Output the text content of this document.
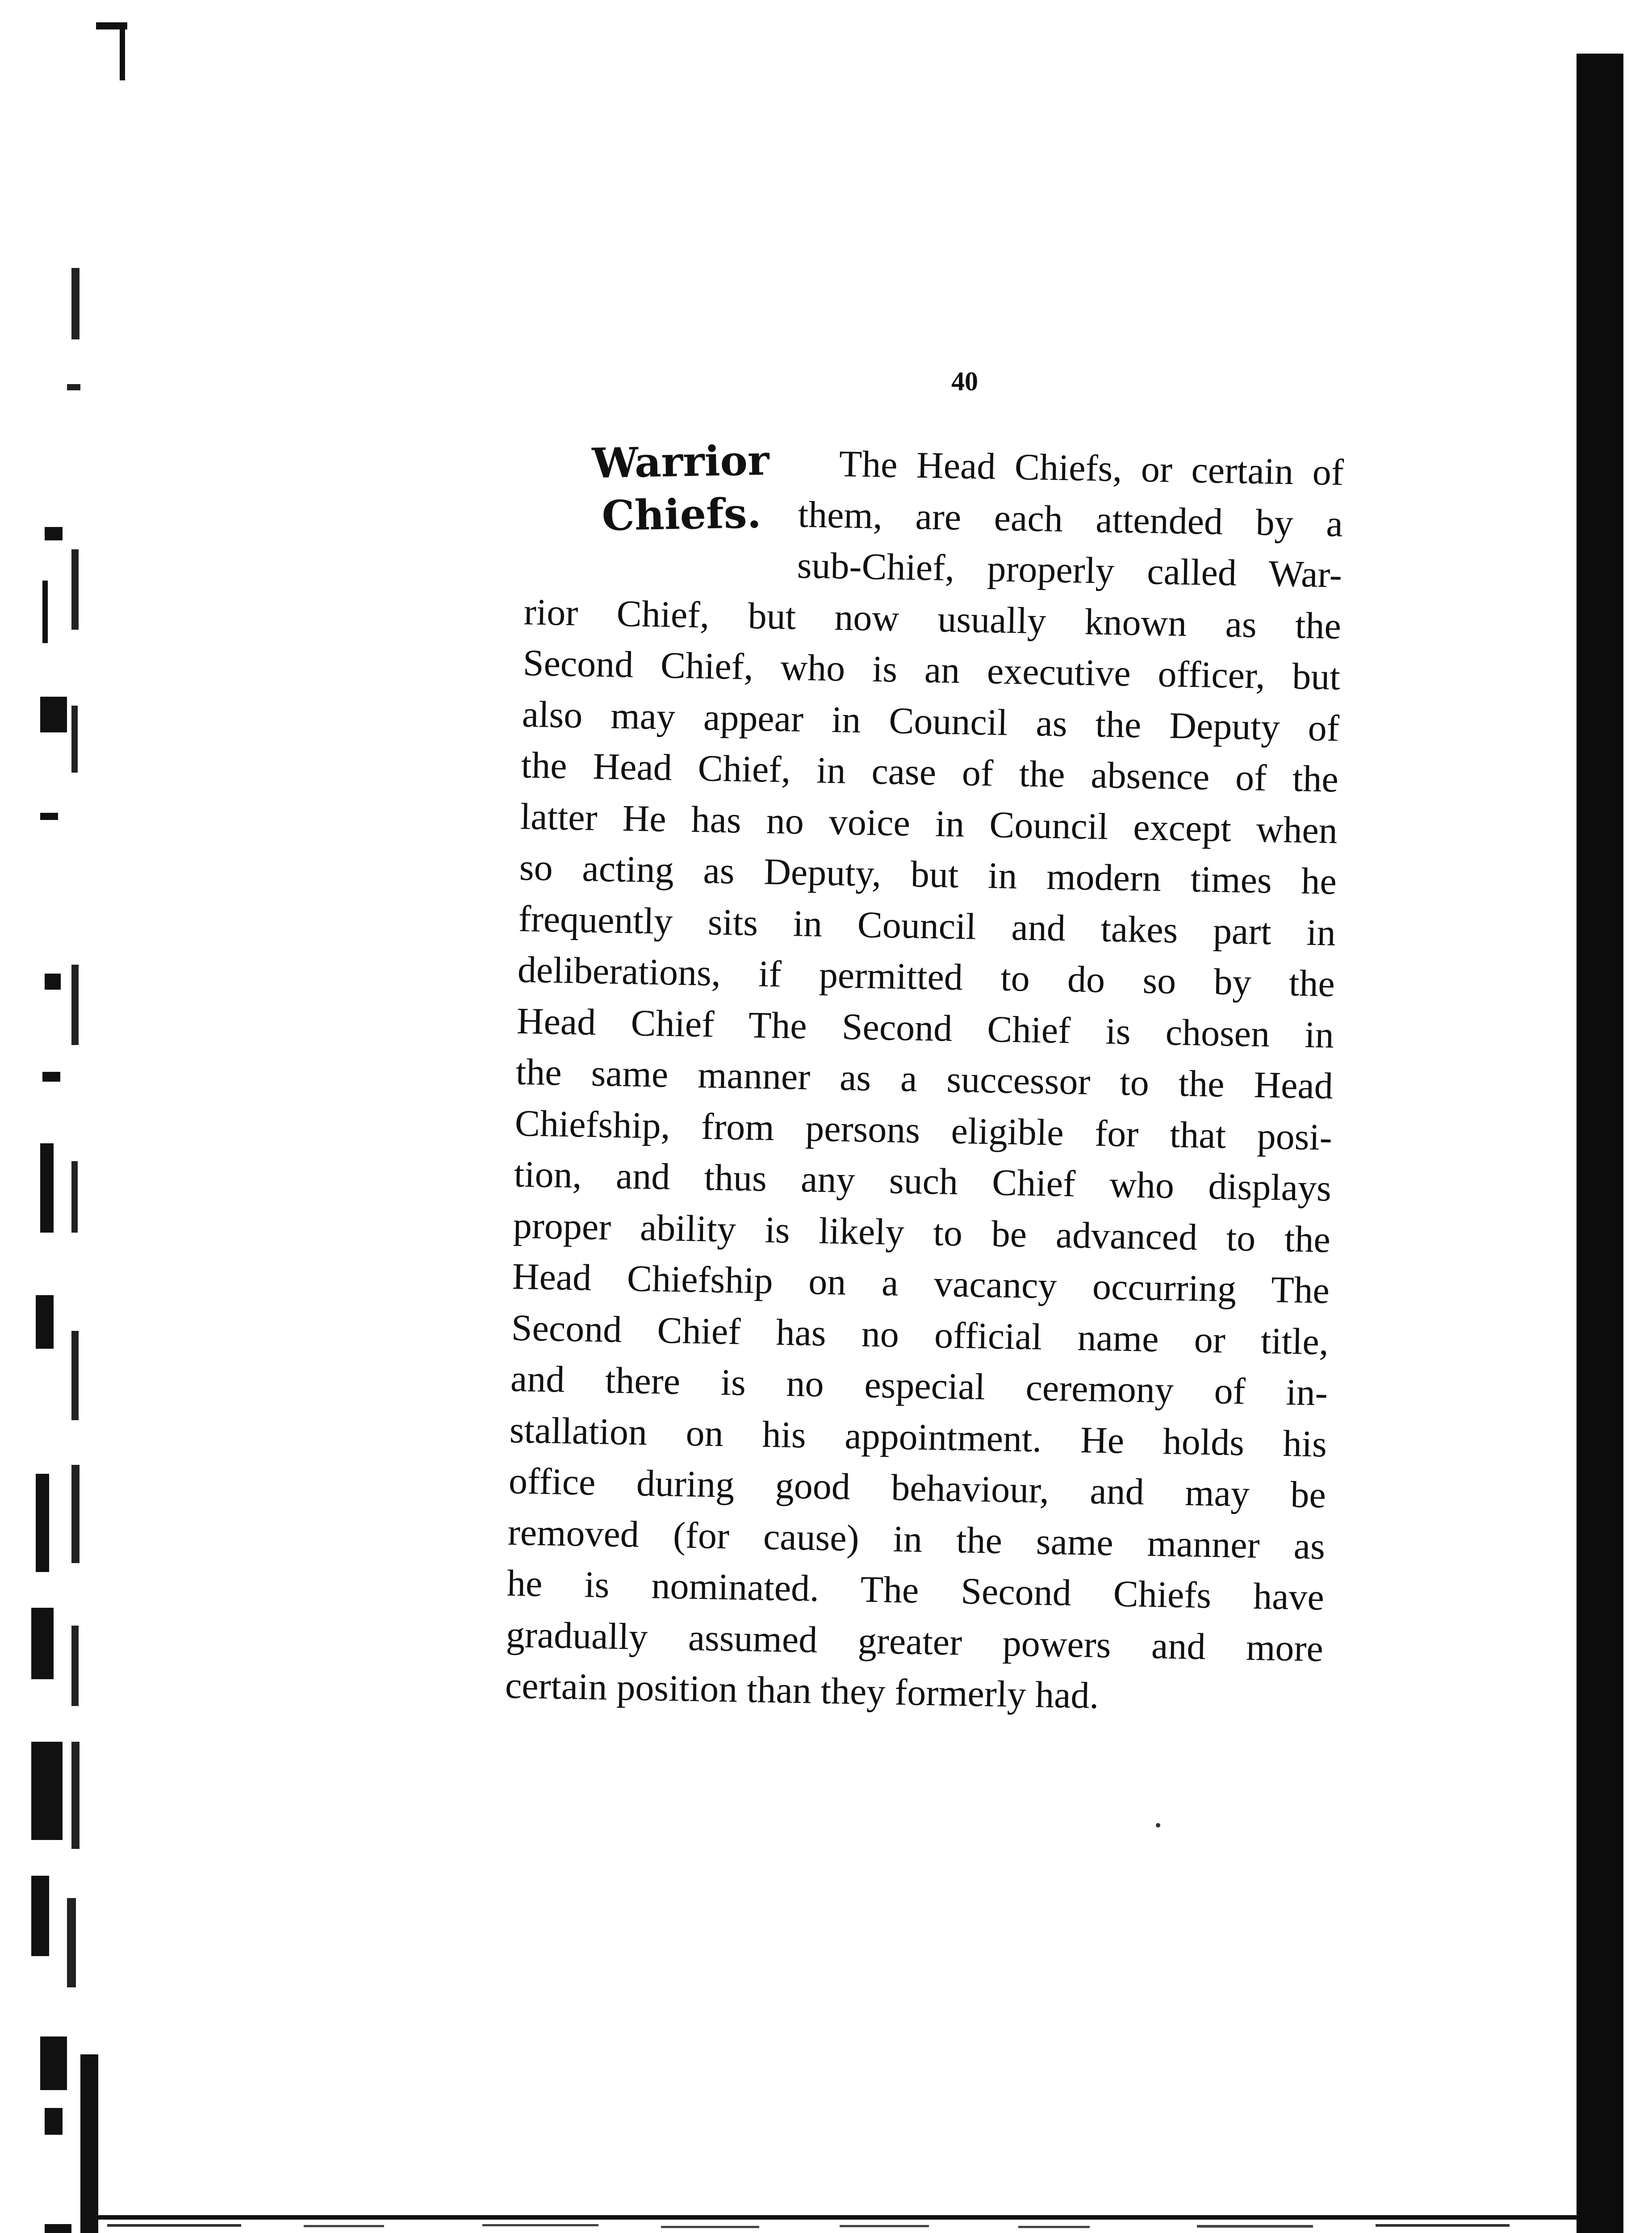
40
Warrior
Chiefs.
The Head Chiefs, or certain of
them, are each attended by a
sub-Chief, properly called War-
rior Chief, but now usually known as the
Second Chief, who is an executive officer, but
also may appear in Council as the Deputy of
the Head Chief, in case of the absence of the
latter He has no voice in Council except when
so acting as Deputy, but in modern times he
frequently sits in Council and takes part in
deliberations, if permitted to do so by the
Head Chief The Second Chief is chosen in
the same manner as a successor to the Head
Chiefship, from persons eligible for that posi-
tion, and thus any such Chief who displays
proper ability is likely to be advanced to the
Head Chiefship on a vacancy occurring The
Second Chief has no official name or title,
and there is no especial ceremony of in-
stallation on his appointment. He holds his
office during good behaviour, and may be
removed (for cause) in the same manner as
he is nominated. The Second Chiefs have
gradually assumed greater powers and more
certain position than they formerly had.
